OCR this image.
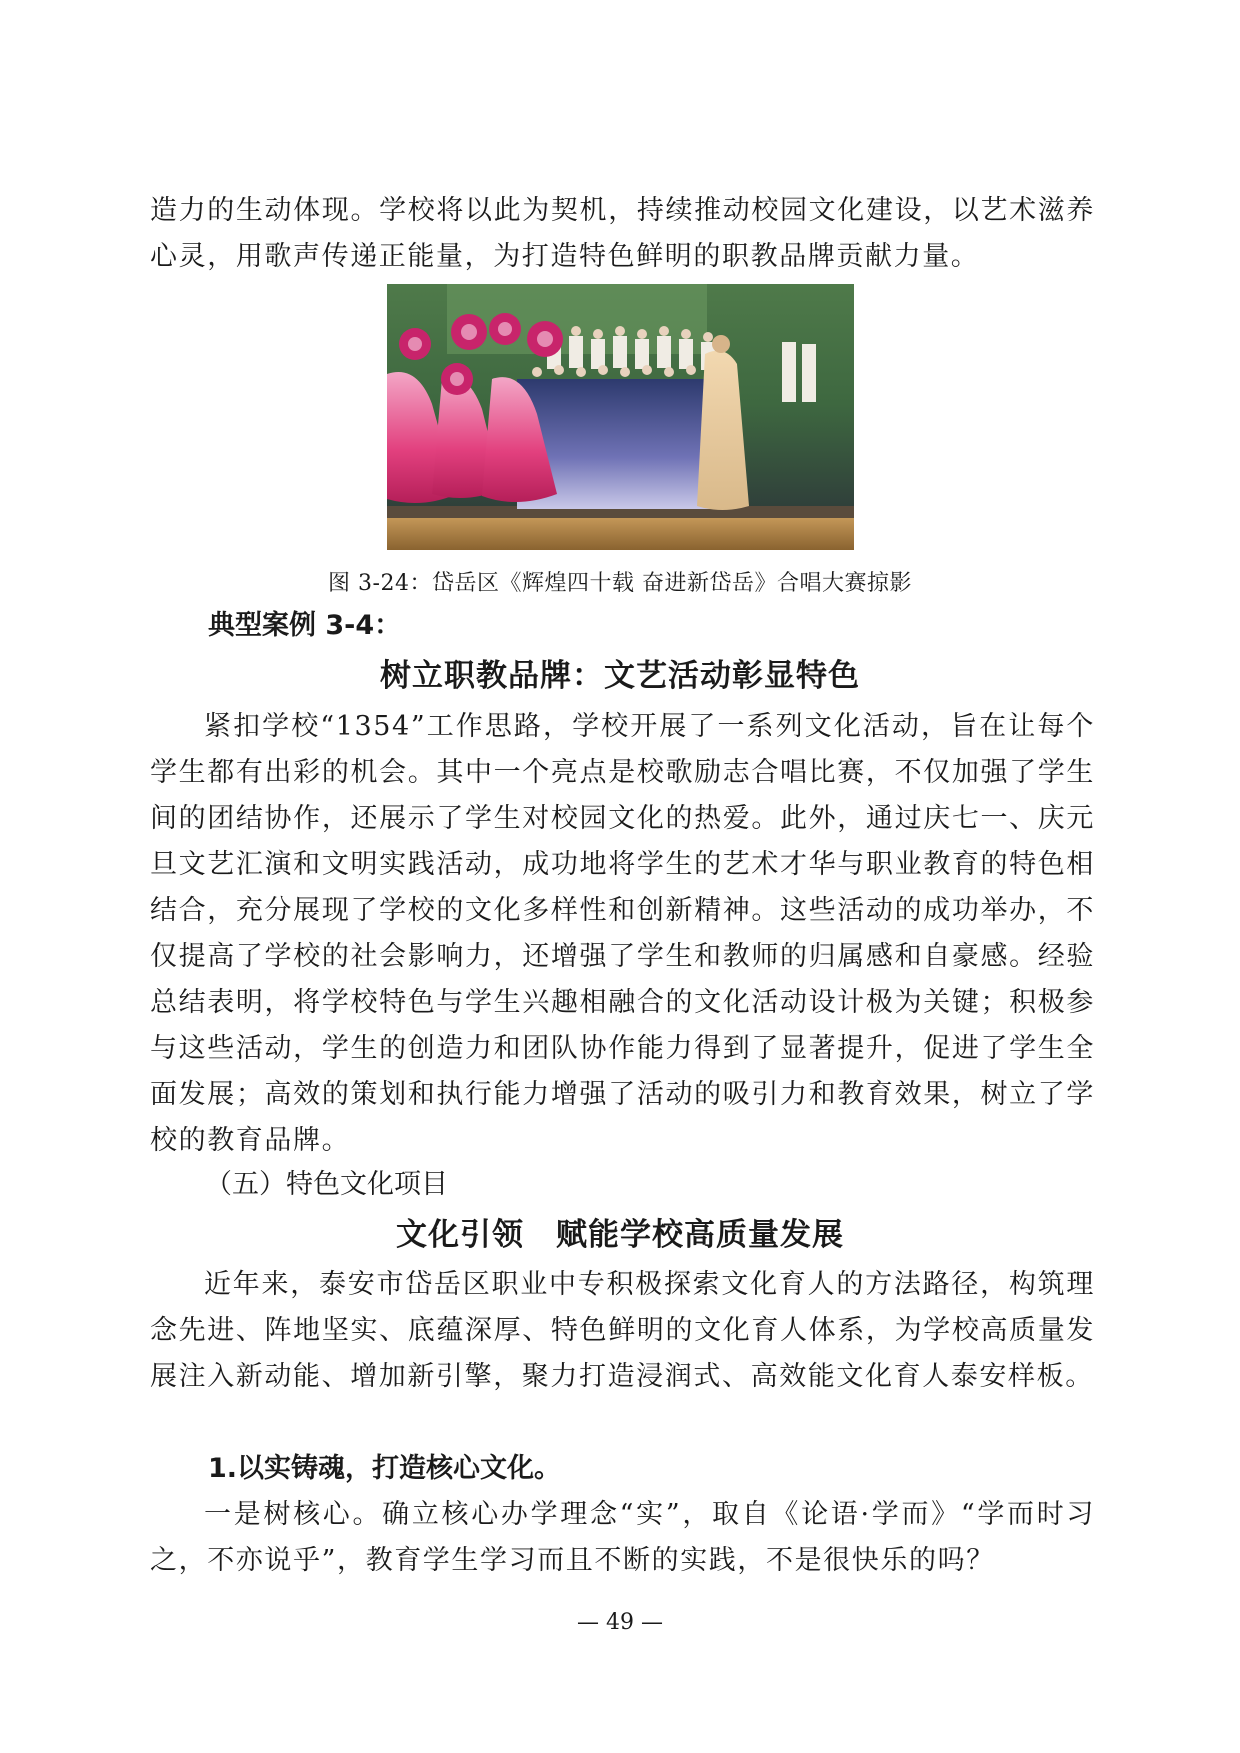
造力的生动体现。学校将以此为契机，持续推动校园文化建设，以艺术滋养心灵，用歌声传递正能量，为打造特色鲜明的职教品牌贡献力量。

图 3-24：岱岳区《辉煌四十载 奋进新岱岳》合唱大赛掠影

典型案例 3-4：

树立职教品牌：文艺活动彰显特色

紧扣学校“1354”工作思路，学校开展了一系列文化活动，旨在让每个学生都有出彩的机会。其中一个亮点是校歌励志合唱比赛，不仅加强了学生间的团结协作，还展示了学生对校园文化的热爱。此外，通过庆七一、庆元旦文艺汇演和文明实践活动，成功地将学生的艺术才华与职业教育的特色相结合，充分展现了学校的文化多样性和创新精神。这些活动的成功举办，不仅提高了学校的社会影响力，还增强了学生和教师的归属感和自豪感。经验总结表明，将学校特色与学生兴趣相融合的文化活动设计极为关键；积极参与这些活动，学生的创造力和团队协作能力得到了显著提升，促进了学生全面发展；高效的策划和执行能力增强了活动的吸引力和教育效果，树立了学校的教育品牌。

（五）特色文化项目

文化引领　赋能学校高质量发展

近年来，泰安市岱岳区职业中专积极探索文化育人的方法路径，构筑理念先进、阵地坚实、底蕴深厚、特色鲜明的文化育人体系，为学校高质量发展注入新动能、增加新引擎，聚力打造浸润式、高效能文化育人泰安样板。

1.以实铸魂，打造核心文化。

一是树核心。确立核心办学理念“实”，取自《论语·学而》“学而时习之，不亦说乎”，教育学生学习而且不断的实践，不是很快乐的吗？

— 49 —
